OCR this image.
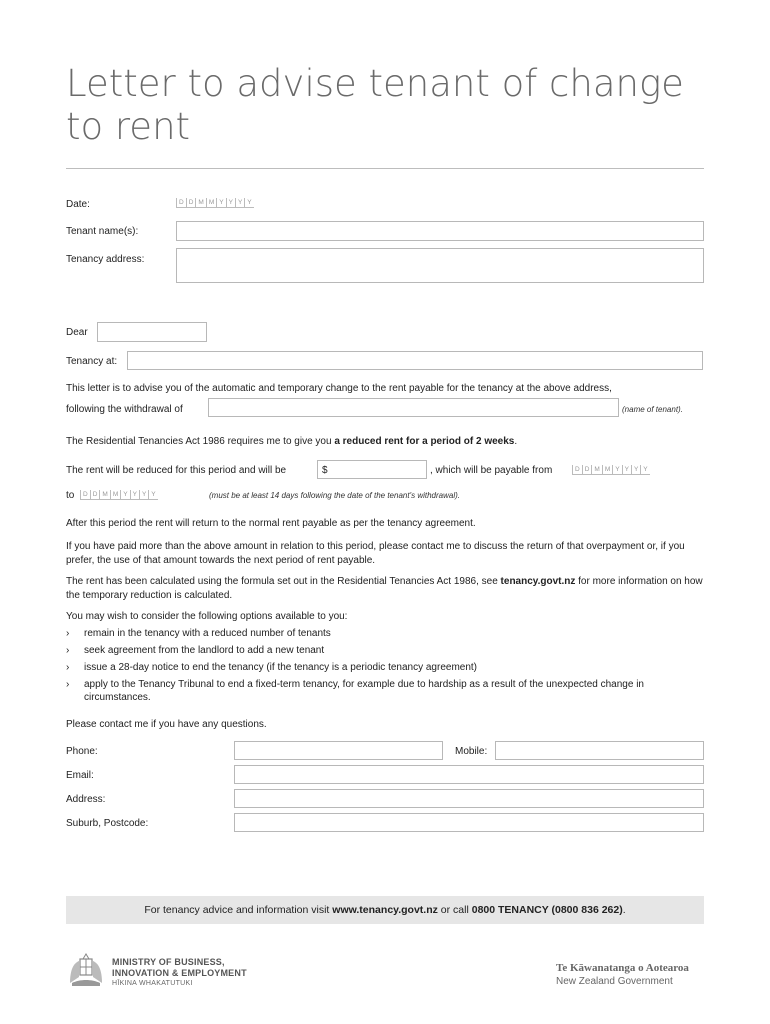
Letter to advise tenant of change to rent
Date:	D D M M Y Y Y Y
Tenant name(s):
Tenancy address:
Dear
Tenancy at:
This letter is to advise you of the automatic and temporary change to the rent payable for the tenancy at the above address,
following the withdrawal of	(name of tenant).
The Residential Tenancies Act 1986 requires me to give you a reduced rent for a period of 2 weeks.
The rent will be reduced for this period and will be	$	, which will be payable from	D D M M Y Y Y Y
to	D D M M Y Y Y Y	(must be at least 14 days following the date of the tenant's withdrawal).

After this period the rent will return to the normal rent payable as per the tenancy agreement.

If you have paid more than the above amount in relation to this period, please contact me to discuss the return of that overpayment or, if you prefer, the use of that amount towards the next period of rent payable.

The rent has been calculated using the formula set out in the Residential Tenancies Act 1986, see tenancy.govt.nz for more information on how the temporary reduction is calculated.

You may wish to consider the following options available to you:

› remain in the tenancy with a reduced number of tenants
› seek agreement from the landlord to add a new tenant
› issue a 28-day notice to end the tenancy (if the tenancy is a periodic tenancy agreement)
› apply to the Tenancy Tribunal to end a fixed-term tenancy, for example due to hardship as a result of the unexpected change in circumstances.

Please contact me if you have any questions.

Phone:	Mobile:
Email:
Address:
Suburb, Postcode:
For tenancy advice and information visit www.tenancy.govt.nz or call 0800 TENANCY (0800 836 262).
MINISTRY OF BUSINESS,
INNOVATION & EMPLOYMENT
HĪKINA WHAKATUTUKI
Te Kāwanatanga o Aotearoa
New Zealand Government
